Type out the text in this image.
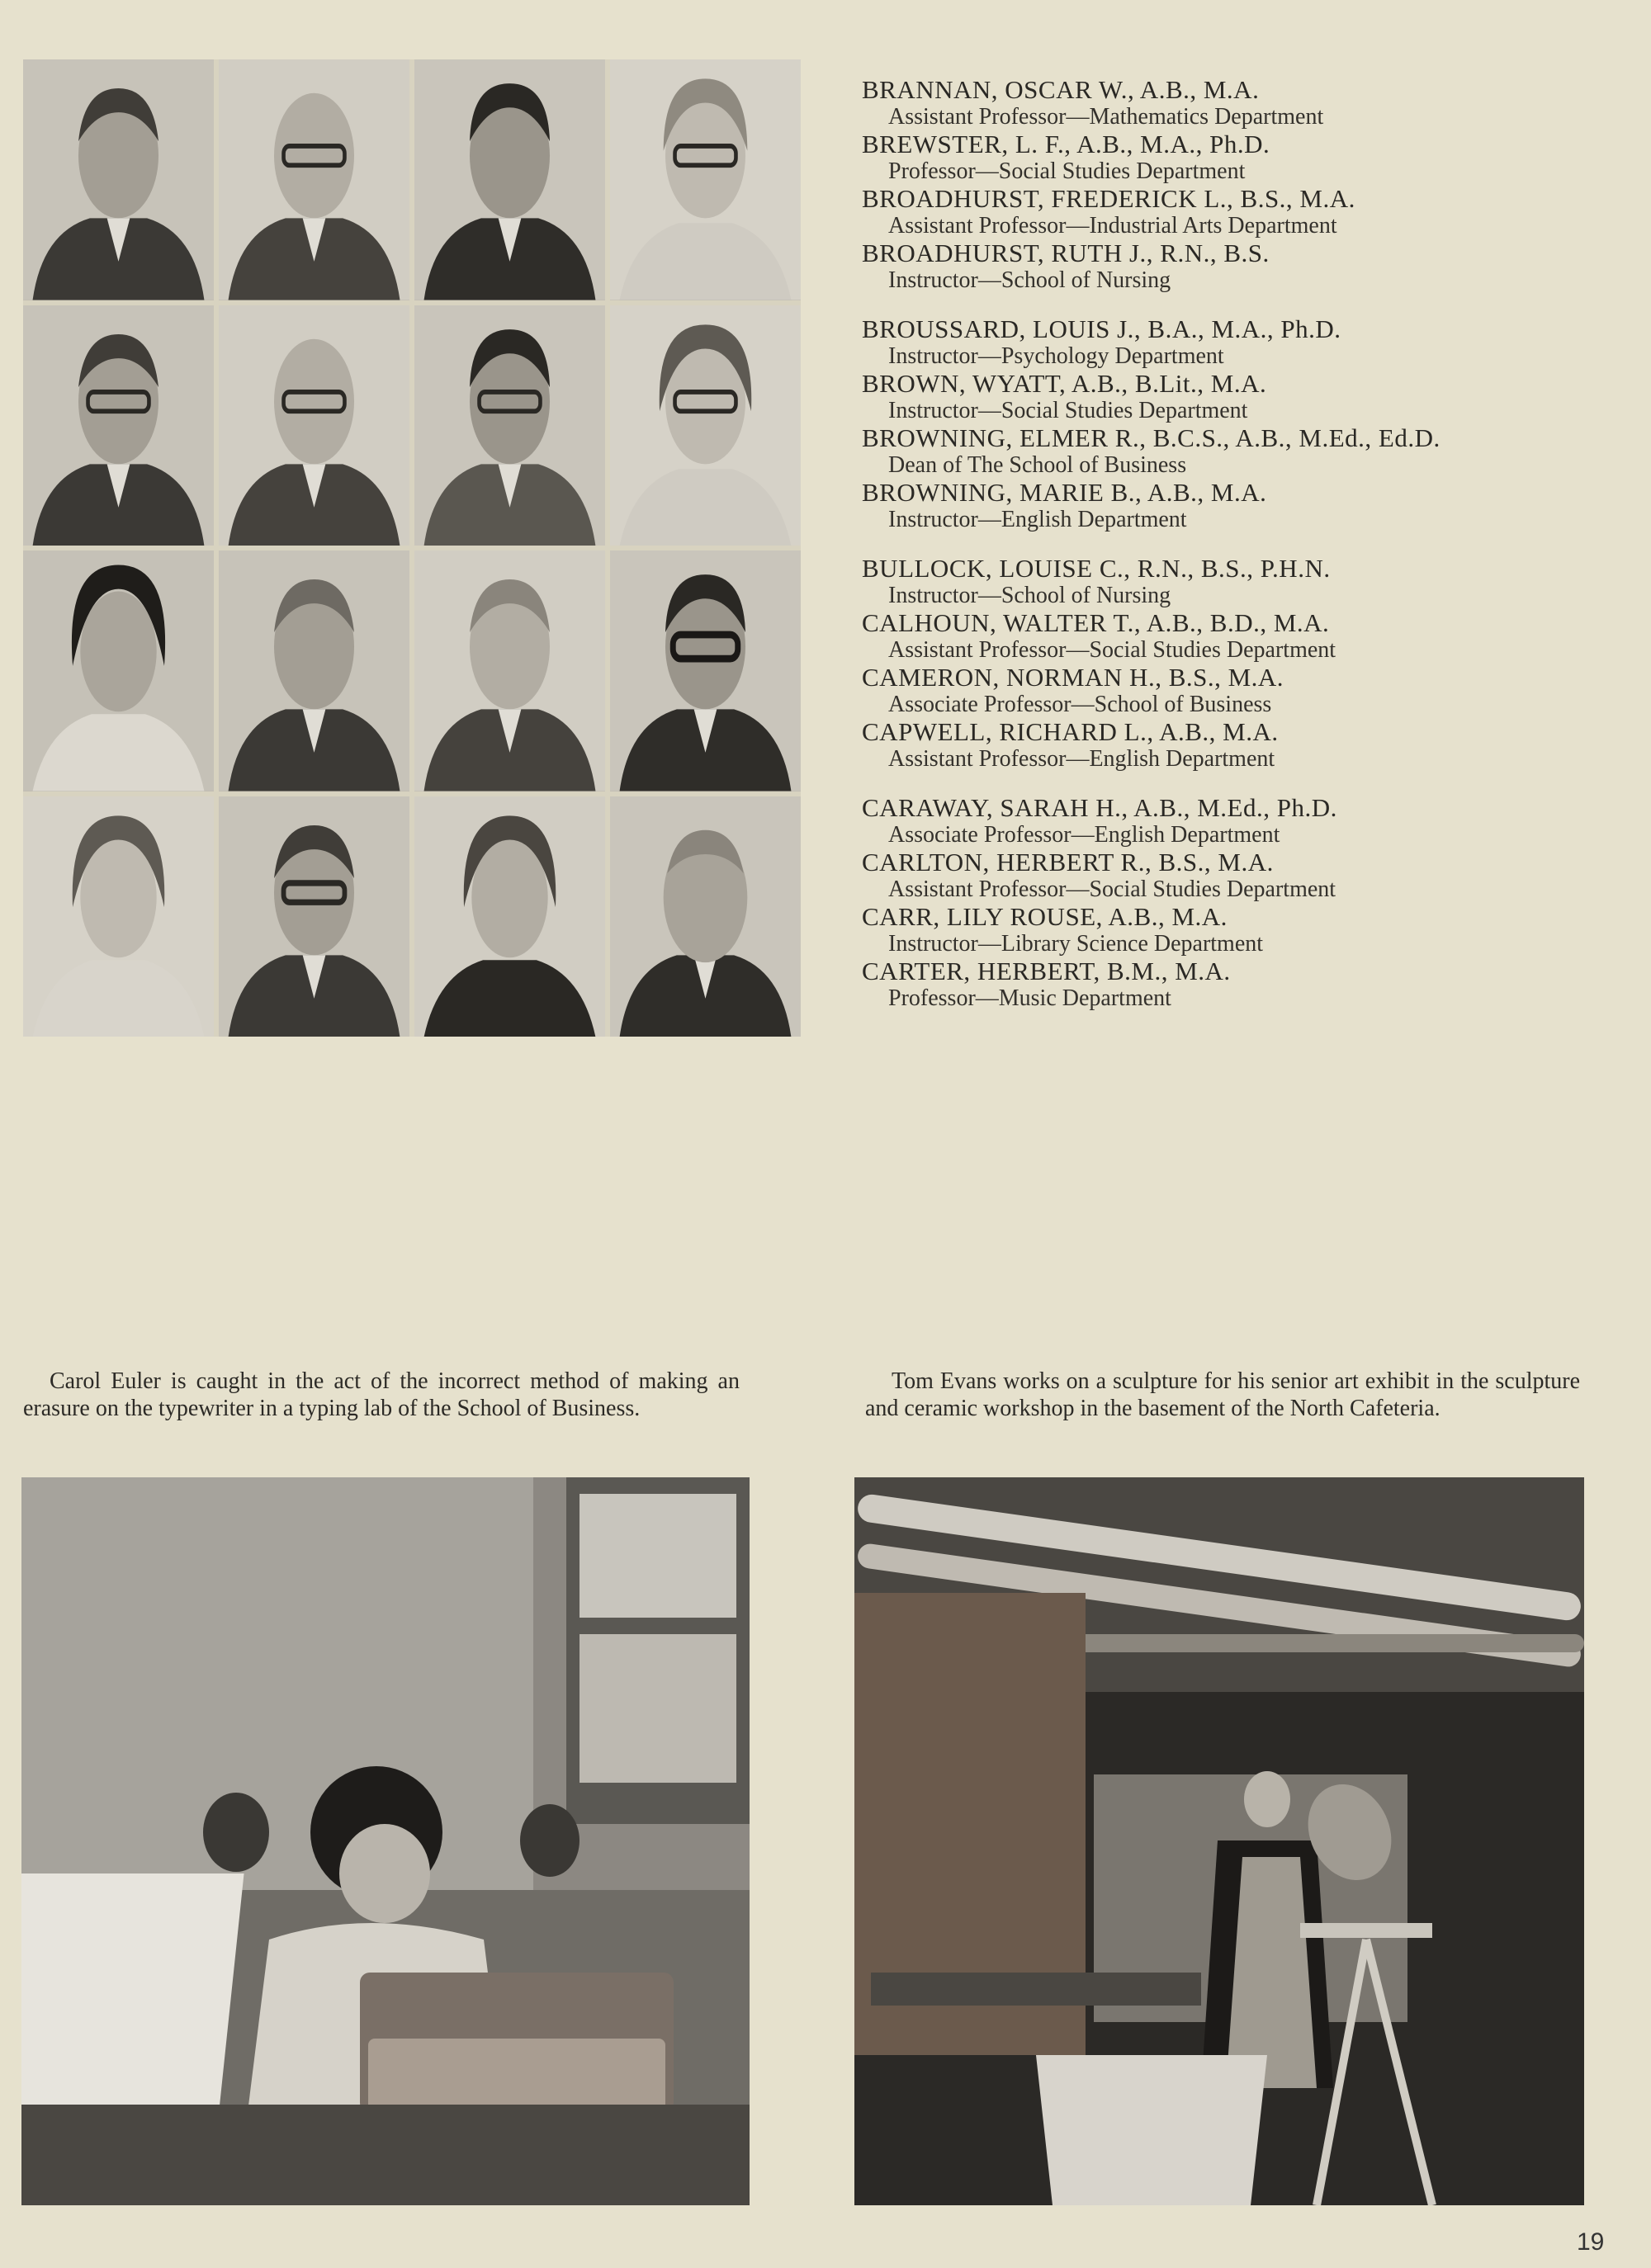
BRANNAN, OSCAR W., A.B., M.A.
Assistant Professor—Mathematics Department
BREWSTER, L. F., A.B., M.A., Ph.D.
Professor—Social Studies Department
BROADHURST, FREDERICK L., B.S., M.A.
Assistant Professor—Industrial Arts Department
BROADHURST, RUTH J., R.N., B.S.
Instructor—School of Nursing
BROUSSARD, LOUIS J., B.A., M.A., Ph.D.
Instructor—Psychology Department
BROWN, WYATT, A.B., B.Lit., M.A.
Instructor—Social Studies Department
BROWNING, ELMER R., B.C.S., A.B., M.Ed., Ed.D.
Dean of The School of Business
BROWNING, MARIE B., A.B., M.A.
Instructor—English Department
BULLOCK, LOUISE C., R.N., B.S., P.H.N.
Instructor—School of Nursing
CALHOUN, WALTER T., A.B., B.D., M.A.
Assistant Professor—Social Studies Department
CAMERON, NORMAN H., B.S., M.A.
Associate Professor—School of Business
CAPWELL, RICHARD L., A.B., M.A.
Assistant Professor—English Department
CARAWAY, SARAH H., A.B., M.Ed., Ph.D.
Associate Professor—English Department
CARLTON, HERBERT R., B.S., M.A.
Assistant Professor—Social Studies Department
CARR, LILY ROUSE, A.B., M.A.
Instructor—Library Science Department
CARTER, HERBERT, B.M., M.A.
Professor—Music Department
Carol Euler is caught in the act of the incorrect method of making an erasure on the typewriter in a typing lab of the School of Business.
Tom Evans works on a sculpture for his senior art exhibit in the sculpture and ceramic workshop in the basement of the North Cafeteria.
19
